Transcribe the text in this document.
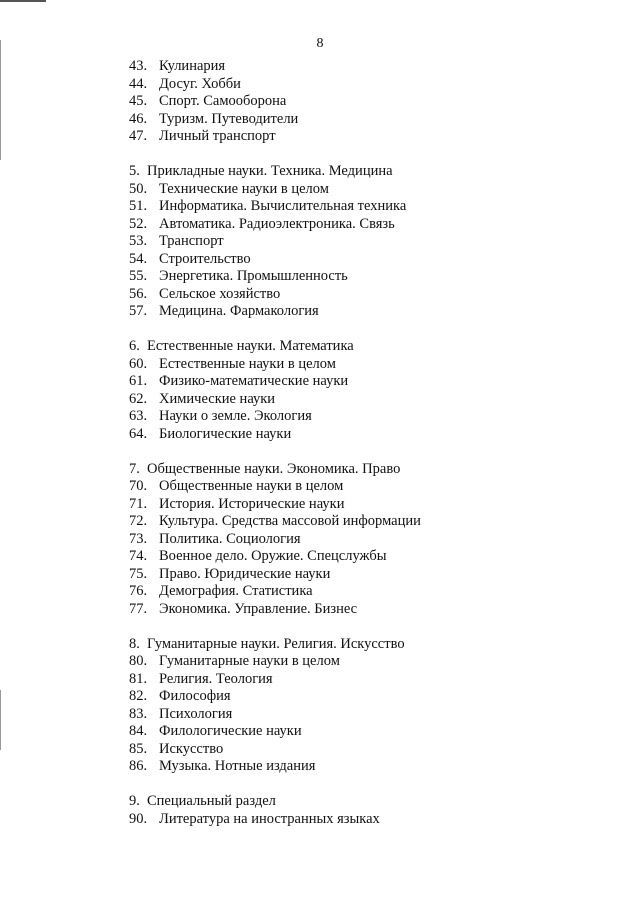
8
43. Кулинария
44. Досуг. Хобби
45. Спорт. Самооборона
46. Туризм. Путеводители
47. Личный транспорт
5. Прикладные науки. Техника. Медицина
50. Технические науки в целом
51. Информатика. Вычислительная техника
52. Автоматика. Радиоэлектроника. Связь
53. Транспорт
54. Строительство
55. Энергетика. Промышленность
56. Сельское хозяйство
57. Медицина. Фармакология
6. Естественные науки. Математика
60. Естественные науки в целом
61. Физико-математические науки
62. Химические науки
63. Науки о земле. Экология
64. Биологические науки
7. Общественные науки. Экономика. Право
70. Общественные науки в целом
71. История. Исторические науки
72. Культура. Средства массовой информации
73. Политика. Социология
74. Военное дело. Оружие. Спецслужбы
75. Право. Юридические науки
76. Демография. Статистика
77. Экономика. Управление. Бизнес
8. Гуманитарные науки. Религия. Искусство
80. Гуманитарные науки в целом
81. Религия. Теология
82. Философия
83. Психология
84. Филологические науки
85. Искусство
86. Музыка. Нотные издания
9. Специальный раздел
90. Литература на иностранных языках
